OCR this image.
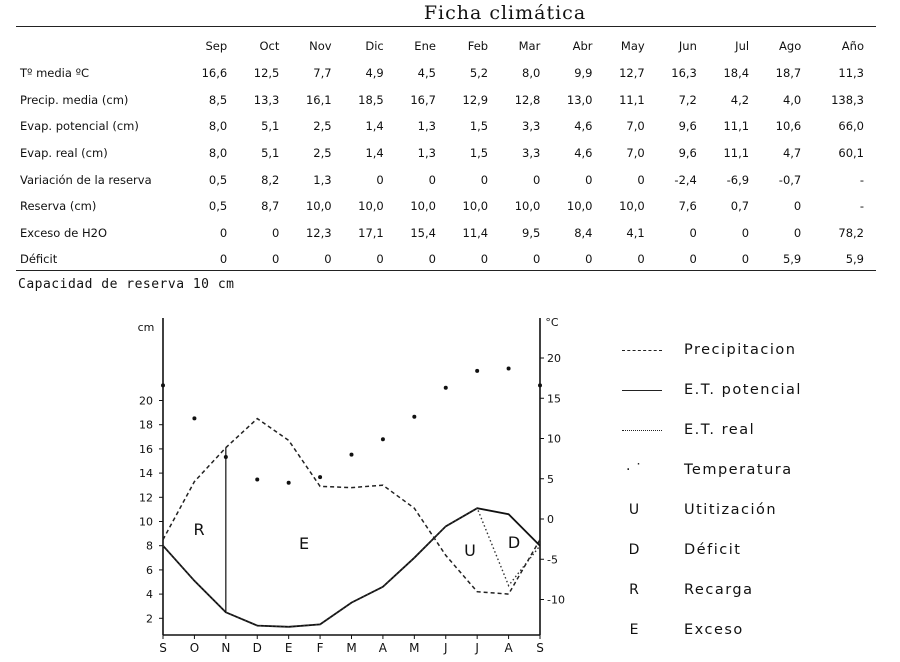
Ficha climática
	Sep	Oct	Nov	Dic	Ene	Feb	Mar	Abr	May	Jun	Jul	Ago	Año
Tº media ºC	16,6	12,5	7,7	4,9	4,5	5,2	8,0	9,9	12,7	16,3	18,4	18,7	11,3
Precip. media (cm)	8,5	13,3	16,1	18,5	16,7	12,9	12,8	13,0	11,1	7,2	4,2	4,0	138,3
Evap. potencial (cm)	8,0	5,1	2,5	1,4	1,3	1,5	3,3	4,6	7,0	9,6	11,1	10,6	66,0
Evap. real (cm)	8,0	5,1	2,5	1,4	1,3	1,5	3,3	4,6	7,0	9,6	11,1	4,7	60,1
Variación de la reserva	0,5	8,2	1,3	0	0	0	0	0	0	-2,4	-6,9	-0,7	-
Reserva (cm)	0,5	8,7	10,0	10,0	10,0	10,0	10,0	10,0	10,0	7,6	0,7	0	-
Exceso de H2O	0	0	12,3	17,1	15,4	11,4	9,5	8,4	4,1	0	0	0	78,2
Déficit	0	0	0	0	0	0	0	0	0	0	0	5,9	5,9
Capacidad de reserva 10 cm
cm	°C
2
4
6
8
10
12
14
16
18
20
-10
-5
0
5
10
15
20
S O N D E F M A M J J A S
R
E	U D
Precipitacion
E.T. potencial
E.T. real
· ˙	Temperatura
U	Utitización
D	Déficit
R	Recarga
E	Exceso
